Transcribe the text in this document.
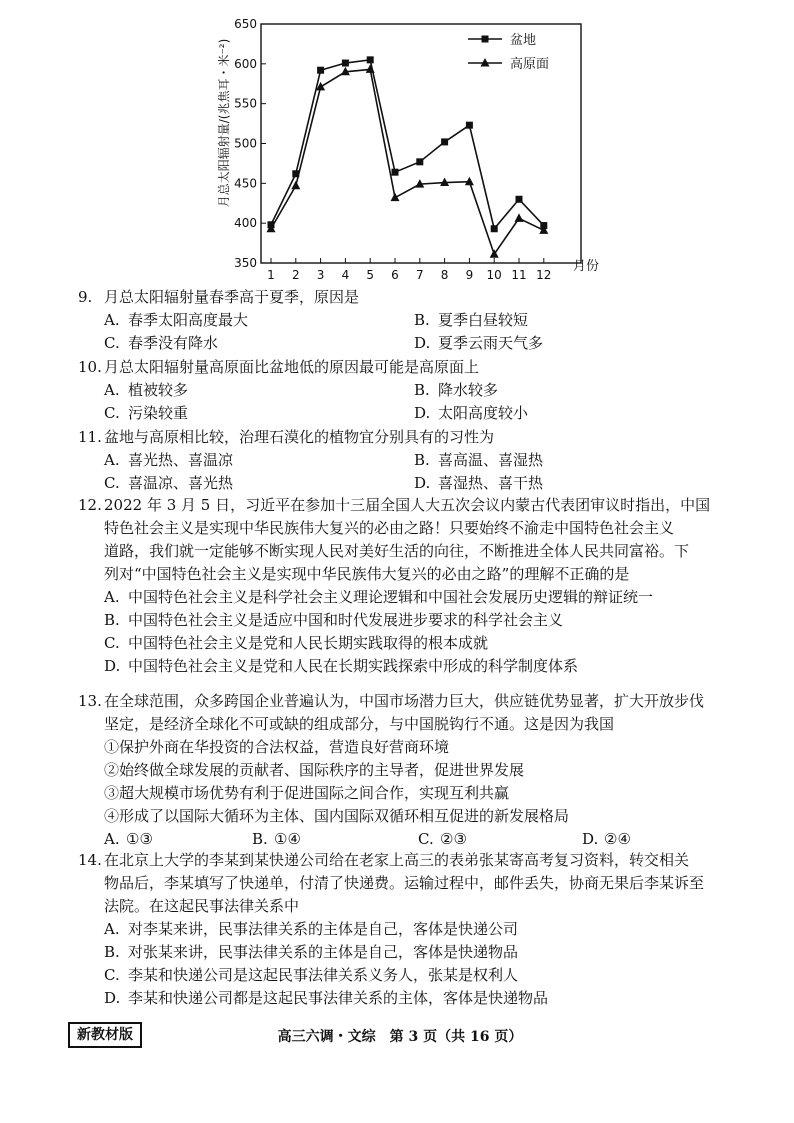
月总太阳辐射量/(兆焦耳・米⁻²)
月份
350
400
450
500
550
600
650
1 2 3 4 5 6 7 8 9 10 11 12
盆地
高原面
9. 月总太阳辐射量春季高于夏季，原因是
A. 春季太阳高度最大	B. 夏季白昼较短
C. 春季没有降水	D. 夏季云雨天气多
10. 月总太阳辐射量高原面比盆地低的原因最可能是高原面上
A. 植被较多	B. 降水较多
C. 污染较重	D. 太阳高度较小
11. 盆地与高原相比较，治理石漠化的植物宜分别具有的习性为
A. 喜光热、喜温凉	B. 喜高温、喜湿热
C. 喜温凉、喜光热	D. 喜湿热、喜干热
12. 2022 年 3 月 5 日，习近平在参加十三届全国人大五次会议内蒙古代表团审议时指出，中国
特色社会主义是实现中华民族伟大复兴的必由之路！只要始终不渝走中国特色社会主义
道路，我们就一定能够不断实现人民对美好生活的向往，不断推进全体人民共同富裕。下
列对“中国特色社会主义是实现中华民族伟大复兴的必由之路”的理解不正确的是
A. 中国特色社会主义是科学社会主义理论逻辑和中国社会发展历史逻辑的辩证统一
B. 中国特色社会主义是适应中国和时代发展进步要求的科学社会主义
C. 中国特色社会主义是党和人民长期实践取得的根本成就
D. 中国特色社会主义是党和人民在长期实践探索中形成的科学制度体系
13. 在全球范围，众多跨国企业普遍认为，中国市场潜力巨大，供应链优势显著，扩大开放步伐
坚定，是经济全球化不可或缺的组成部分，与中国脱钩行不通。这是因为我国
①保护外商在华投资的合法权益，营造良好营商环境
②始终做全球发展的贡献者、国际秩序的主导者，促进世界发展
③超大规模市场优势有利于促进国际之间合作，实现互利共赢
④形成了以国际大循环为主体、国内国际双循环相互促进的新发展格局
A. ①③	B. ①④	C. ②③	D. ②④
14. 在北京上大学的李某到某快递公司给在老家上高三的表弟张某寄高考复习资料，转交相关
物品后，李某填写了快递单，付清了快递费。运输过程中，邮件丢失，协商无果后李某诉至
法院。在这起民事法律关系中
A. 对李某来讲，民事法律关系的主体是自己，客体是快递公司
B. 对张某来讲，民事法律关系的主体是自己，客体是快递物品
C. 李某和快递公司是这起民事法律关系义务人，张某是权利人
D. 李某和快递公司都是这起民事法律关系的主体，客体是快递物品
新教材版	高三六调・文综　第 3 页（共 16 页）
